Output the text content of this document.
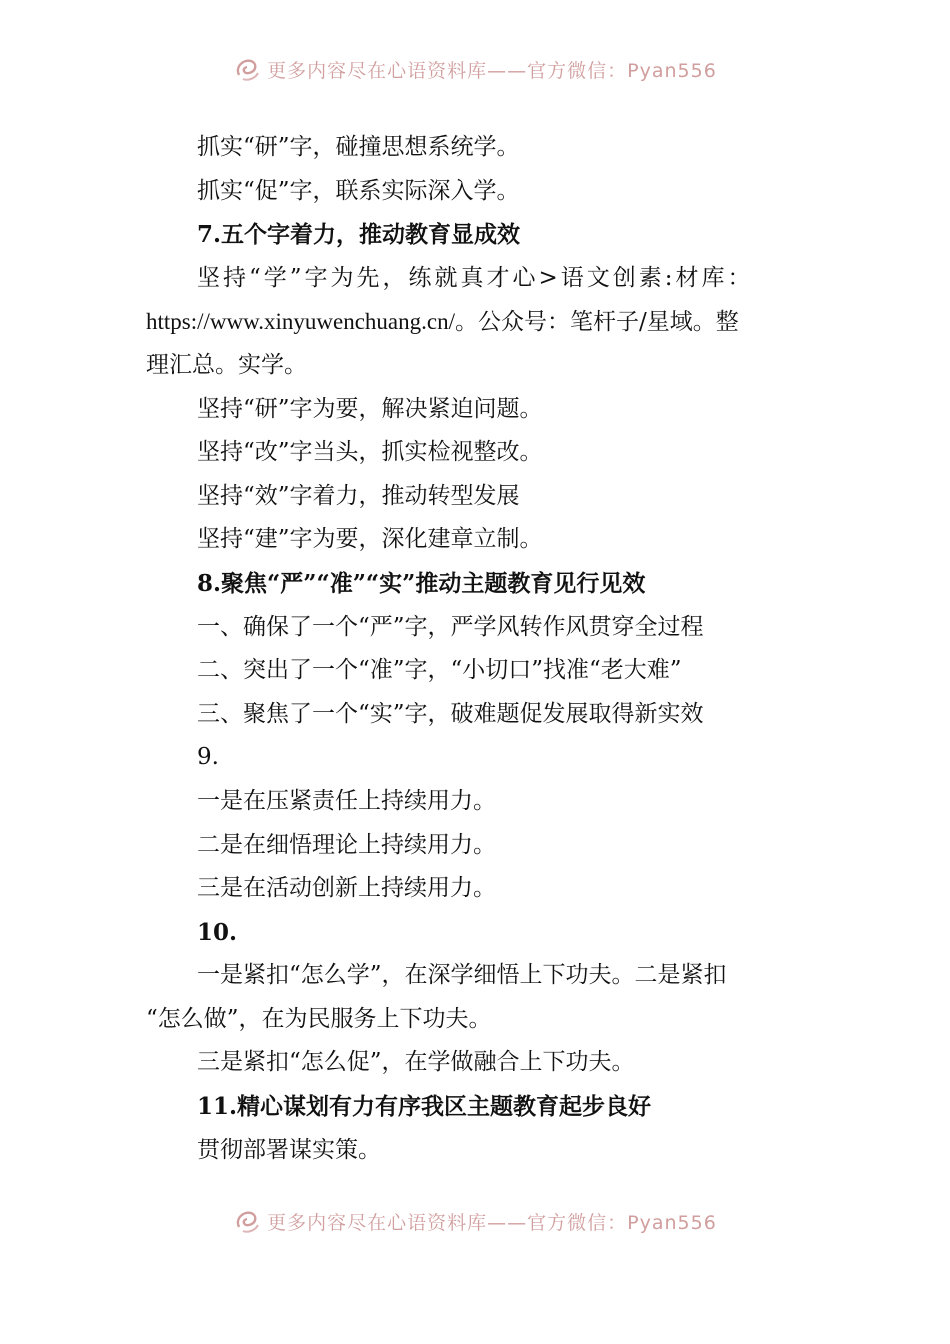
更多内容尽在心语资料库——官方微信：Pyan556
抓实“研”字，碰撞思想系统学。
抓实“促”字，联系实际深入学。
7.五个字着力，推动教育显成效
坚持“学”字为先，练就真才心>语文创素:材库：
https://www.xinyuwenchuang.cn/。公众号：笔杆子/星域。整
理汇总。实学。
坚持“研”字为要，解决紧迫问题。
坚持“改”字当头，抓实检视整改。
坚持“效”字着力，推动转型发展
坚持“建”字为要，深化建章立制。
8.聚焦“严”“准”“实”推动主题教育见行见效
一、确保了一个“严”字，严学风转作风贯穿全过程
二、突出了一个“准”字，“小切口”找准“老大难”
三、聚焦了一个“实”字，破难题促发展取得新实效
9.
一是在压紧责任上持续用力。
二是在细悟理论上持续用力。
三是在活动创新上持续用力。
10.
一是紧扣“怎么学”，在深学细悟上下功夫。二是紧扣
“怎么做”，在为民服务上下功夫。
三是紧扣“怎么促”，在学做融合上下功夫。
11.精心谋划有力有序我区主题教育起步良好
贯彻部署谋实策。
更多内容尽在心语资料库——官方微信：Pyan556
